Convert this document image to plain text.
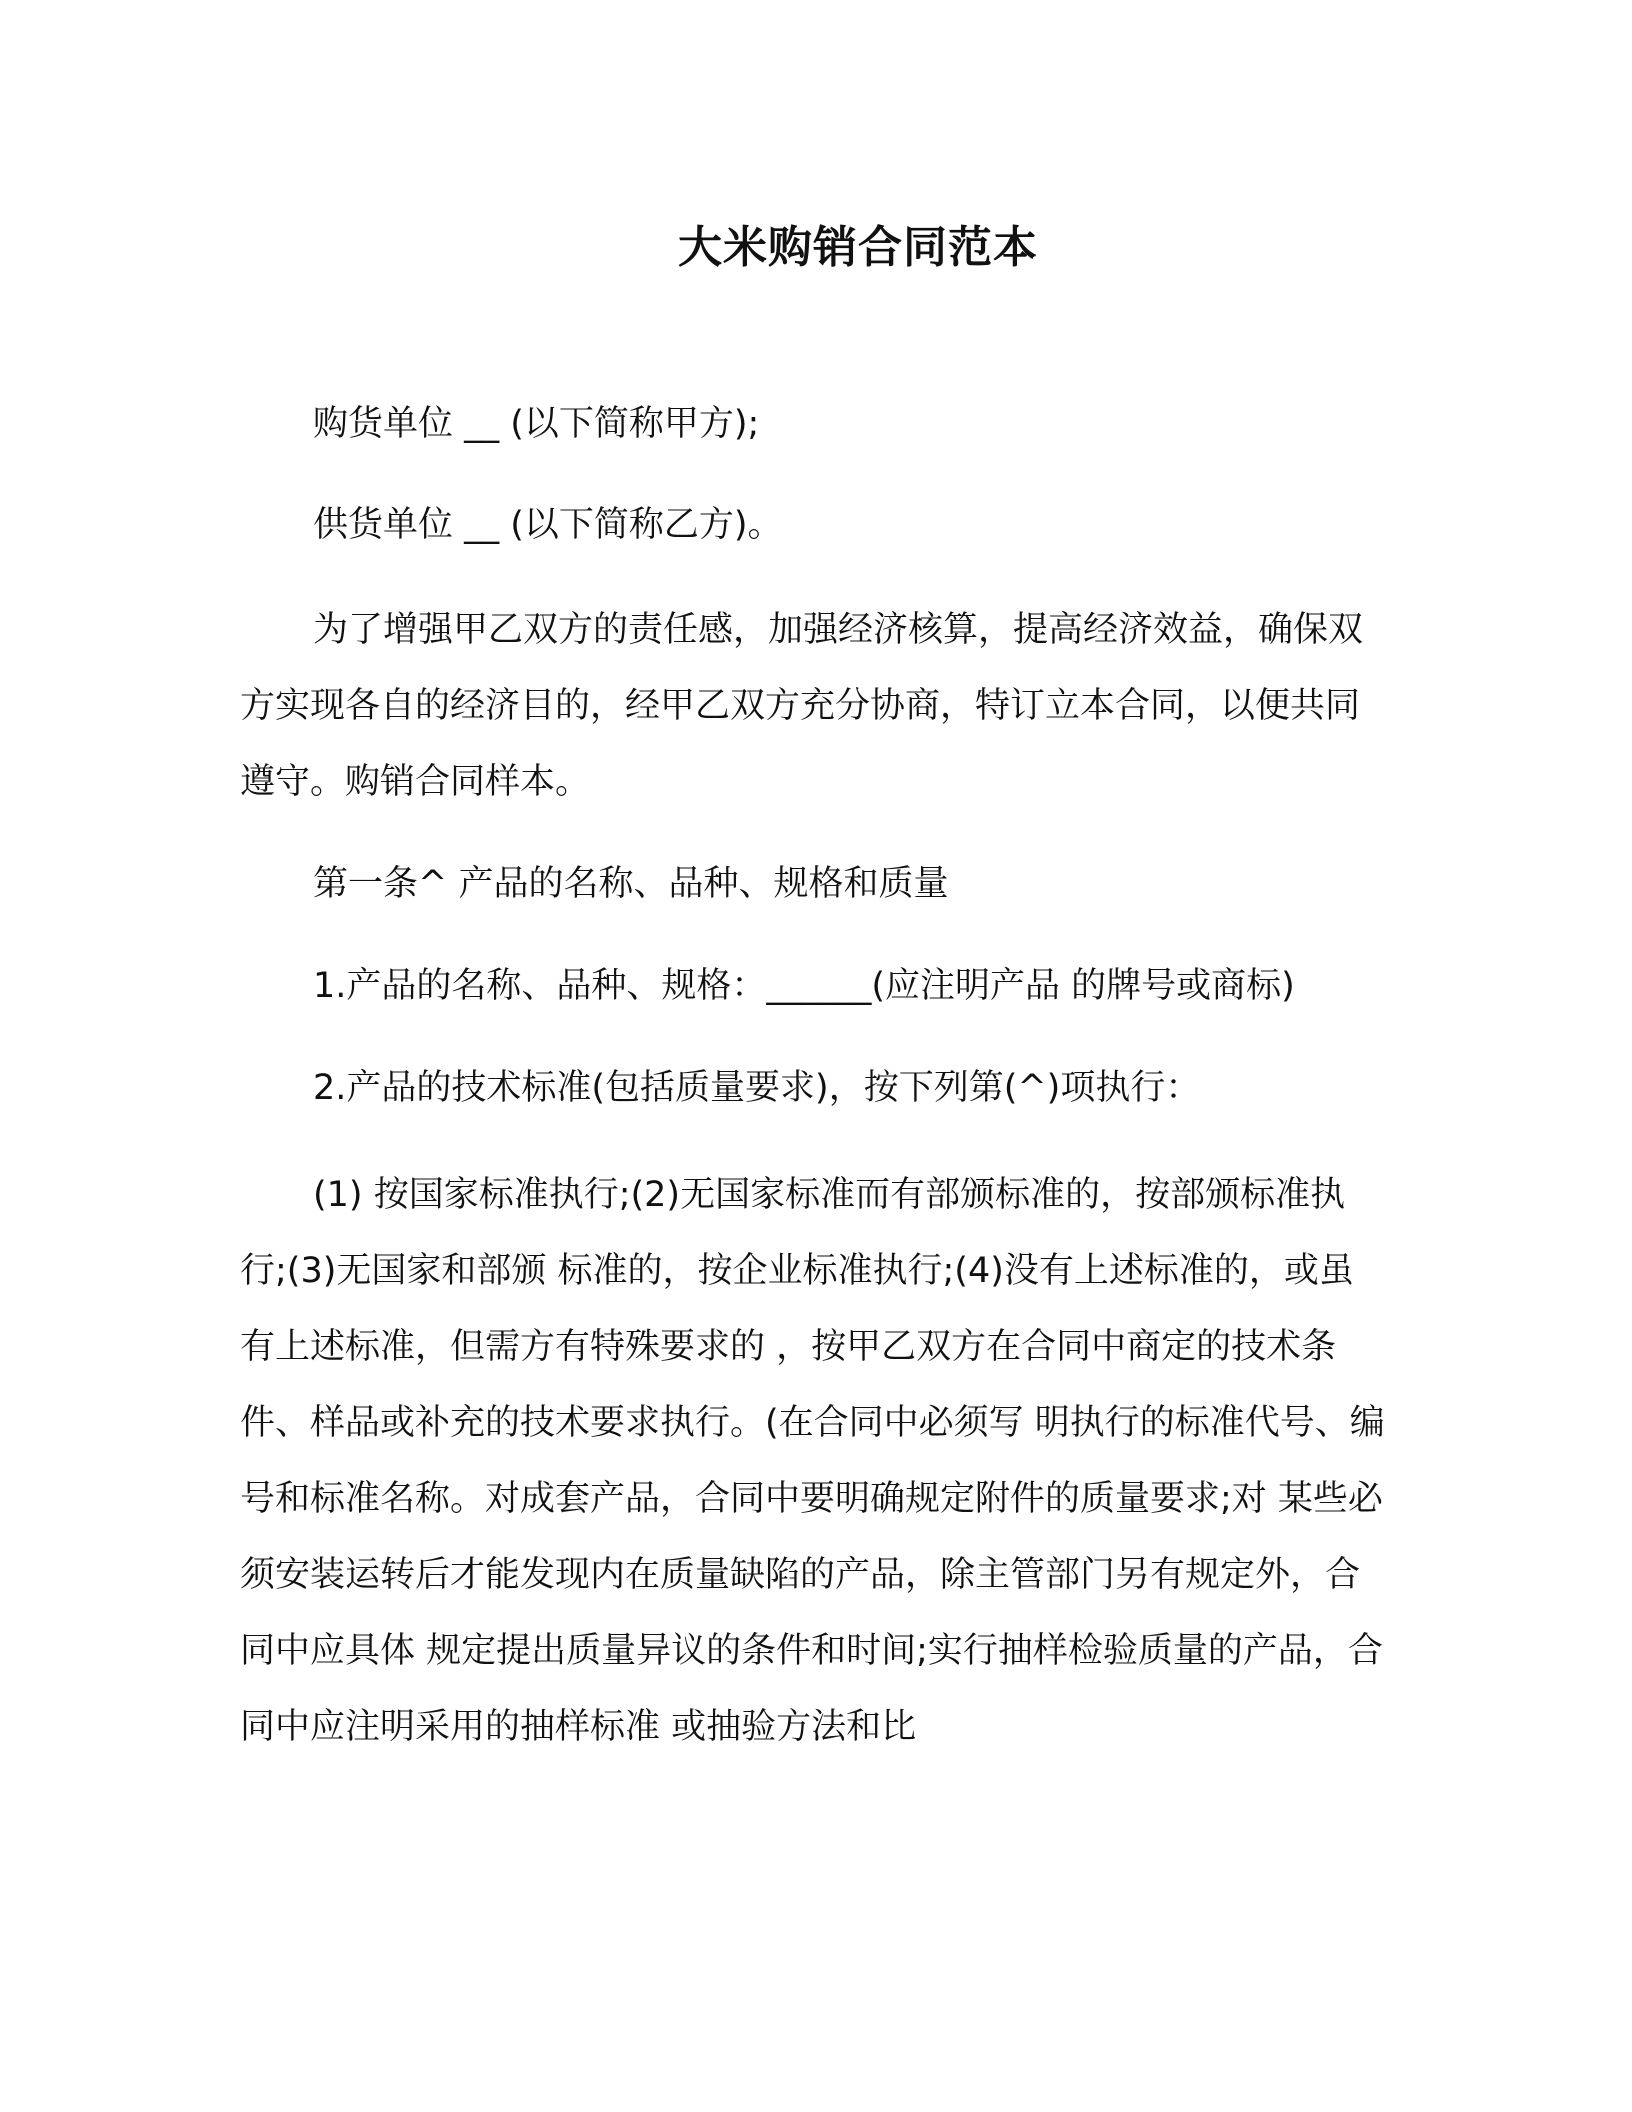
大米购销合同范本

购货单位 __ (以下简称甲方);

供货单位 __ (以下简称乙方)。

为了增强甲乙双方的责任感，加强经济核算，提高经济效益，确保双 方实现各自的经济目的，经甲乙双方充分协商，特订立本合同，以便共同遵守。购销合同样本。

第一条^ 产品的名称、品种、规格和质量

1.产品的名称、品种、规格：______(应注明产品 的牌号或商标)

2.产品的技术标准(包括质量要求)，按下列第(^)项执行：

(1) 按国家标准执行;(2)无国家标准而有部颁标准的，按部颁标准执行;(3)无国家和部颁 标准的，按企业标准执行;(4)没有上述标准的，或虽有上述标准，但需方有特殊要求的 ，按甲乙双方在合同中商定的技术条件、样品或补充的技术要求执行。(在合同中必须写 明执行的标准代号、编号和标准名称。对成套产品，合同中要明确规定附件的质量要求;对 某些必须安装运转后才能发现内在质量缺陷的产品，除主管部门另有规定外，合同中应具体 规定提出质量异议的条件和时间;实行抽样检验质量的产品，合同中应注明采用的抽样标准 或抽验方法和比
